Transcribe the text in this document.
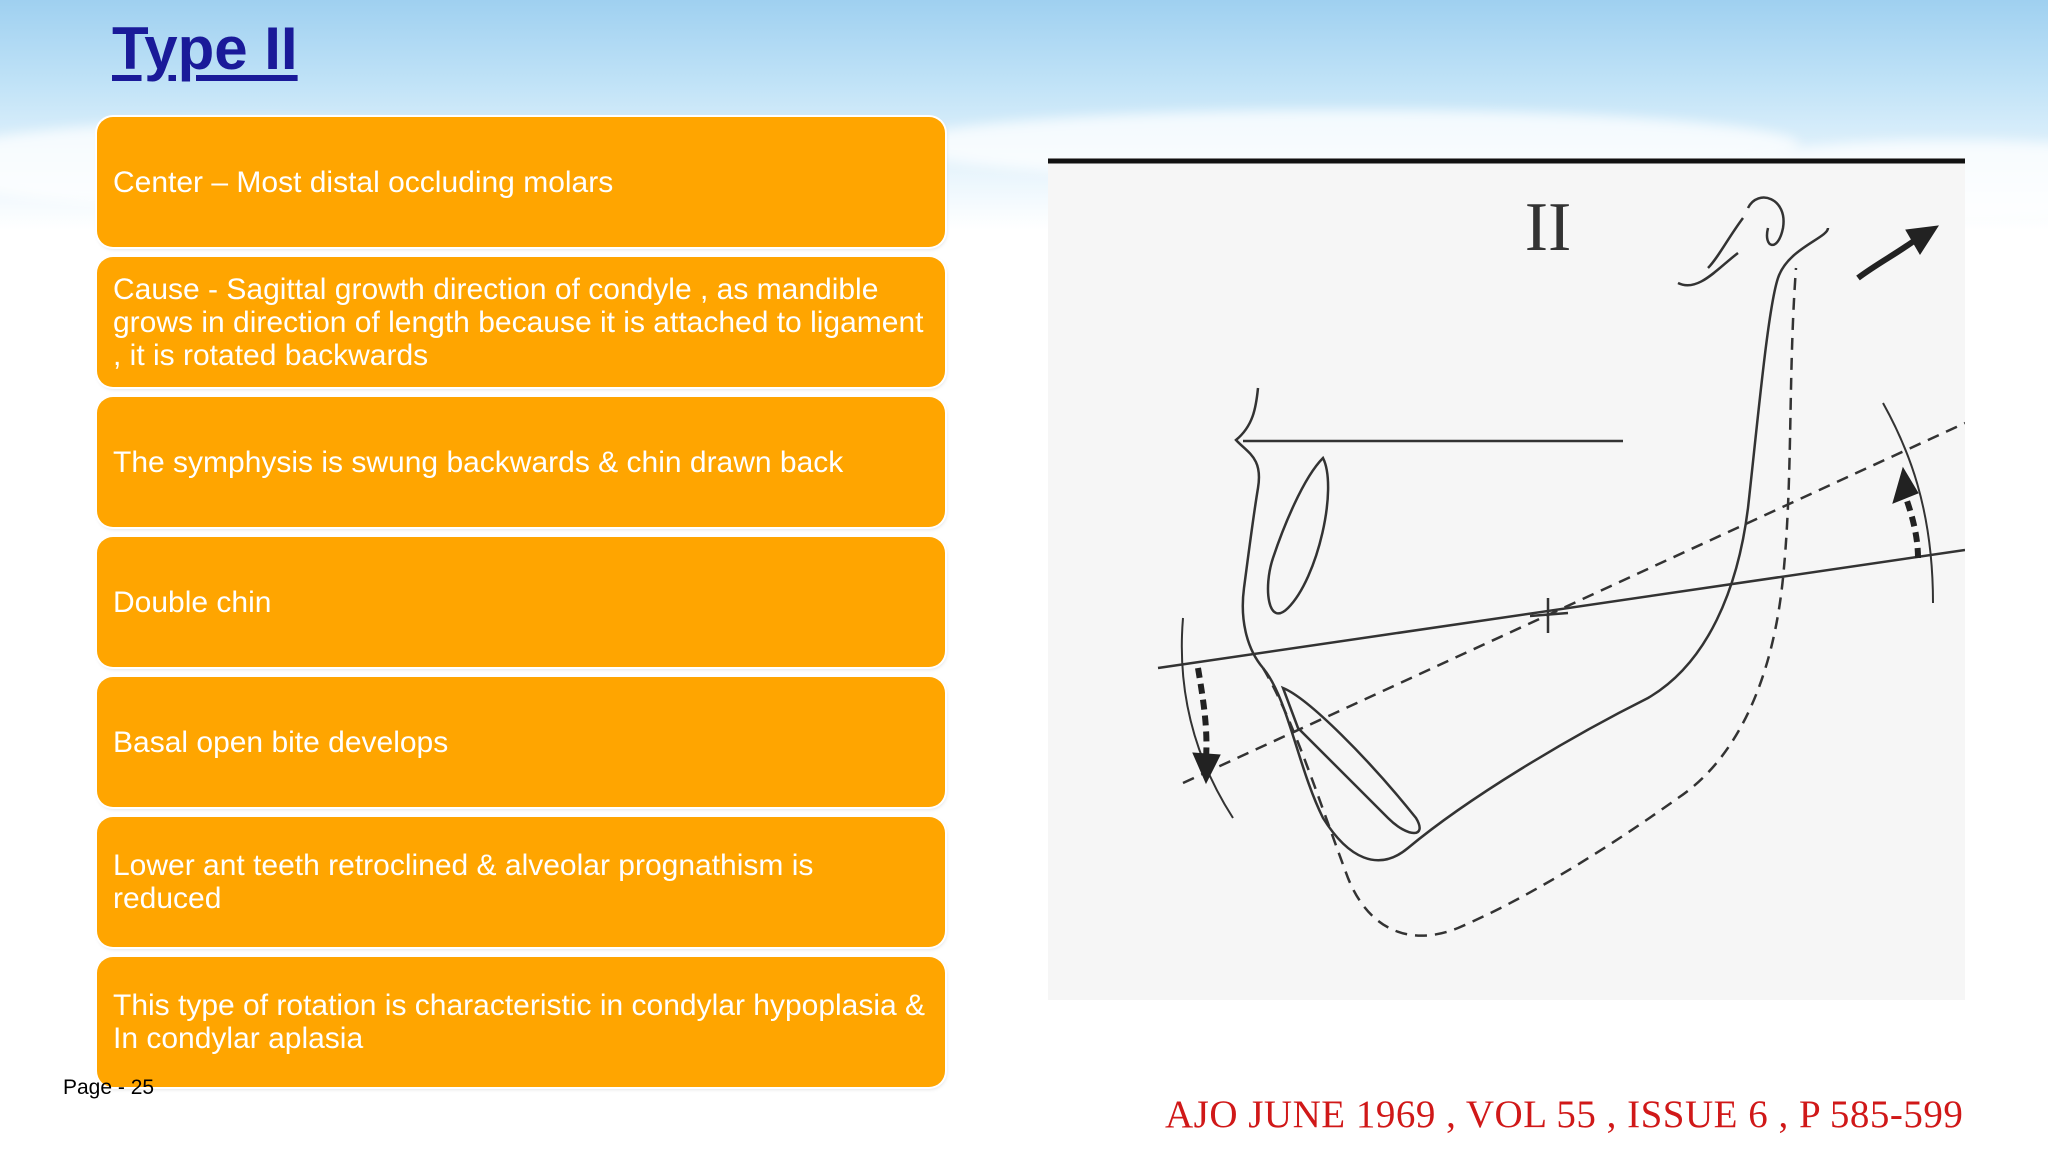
Type II
Center – Most distal occluding molars
Cause - Sagittal growth direction of condyle , as mandible grows in direction of length because it is attached to ligament , it is rotated backwards
The symphysis is swung backwards & chin drawn back
Double chin
Basal open bite develops
Lower ant teeth retroclined & alveolar prognathism is reduced
This type of rotation is characteristic in condylar hypoplasia & In condylar aplasia
Page - 25
II
AJO JUNE 1969 , VOL 55 , ISSUE 6 , P 585-599
